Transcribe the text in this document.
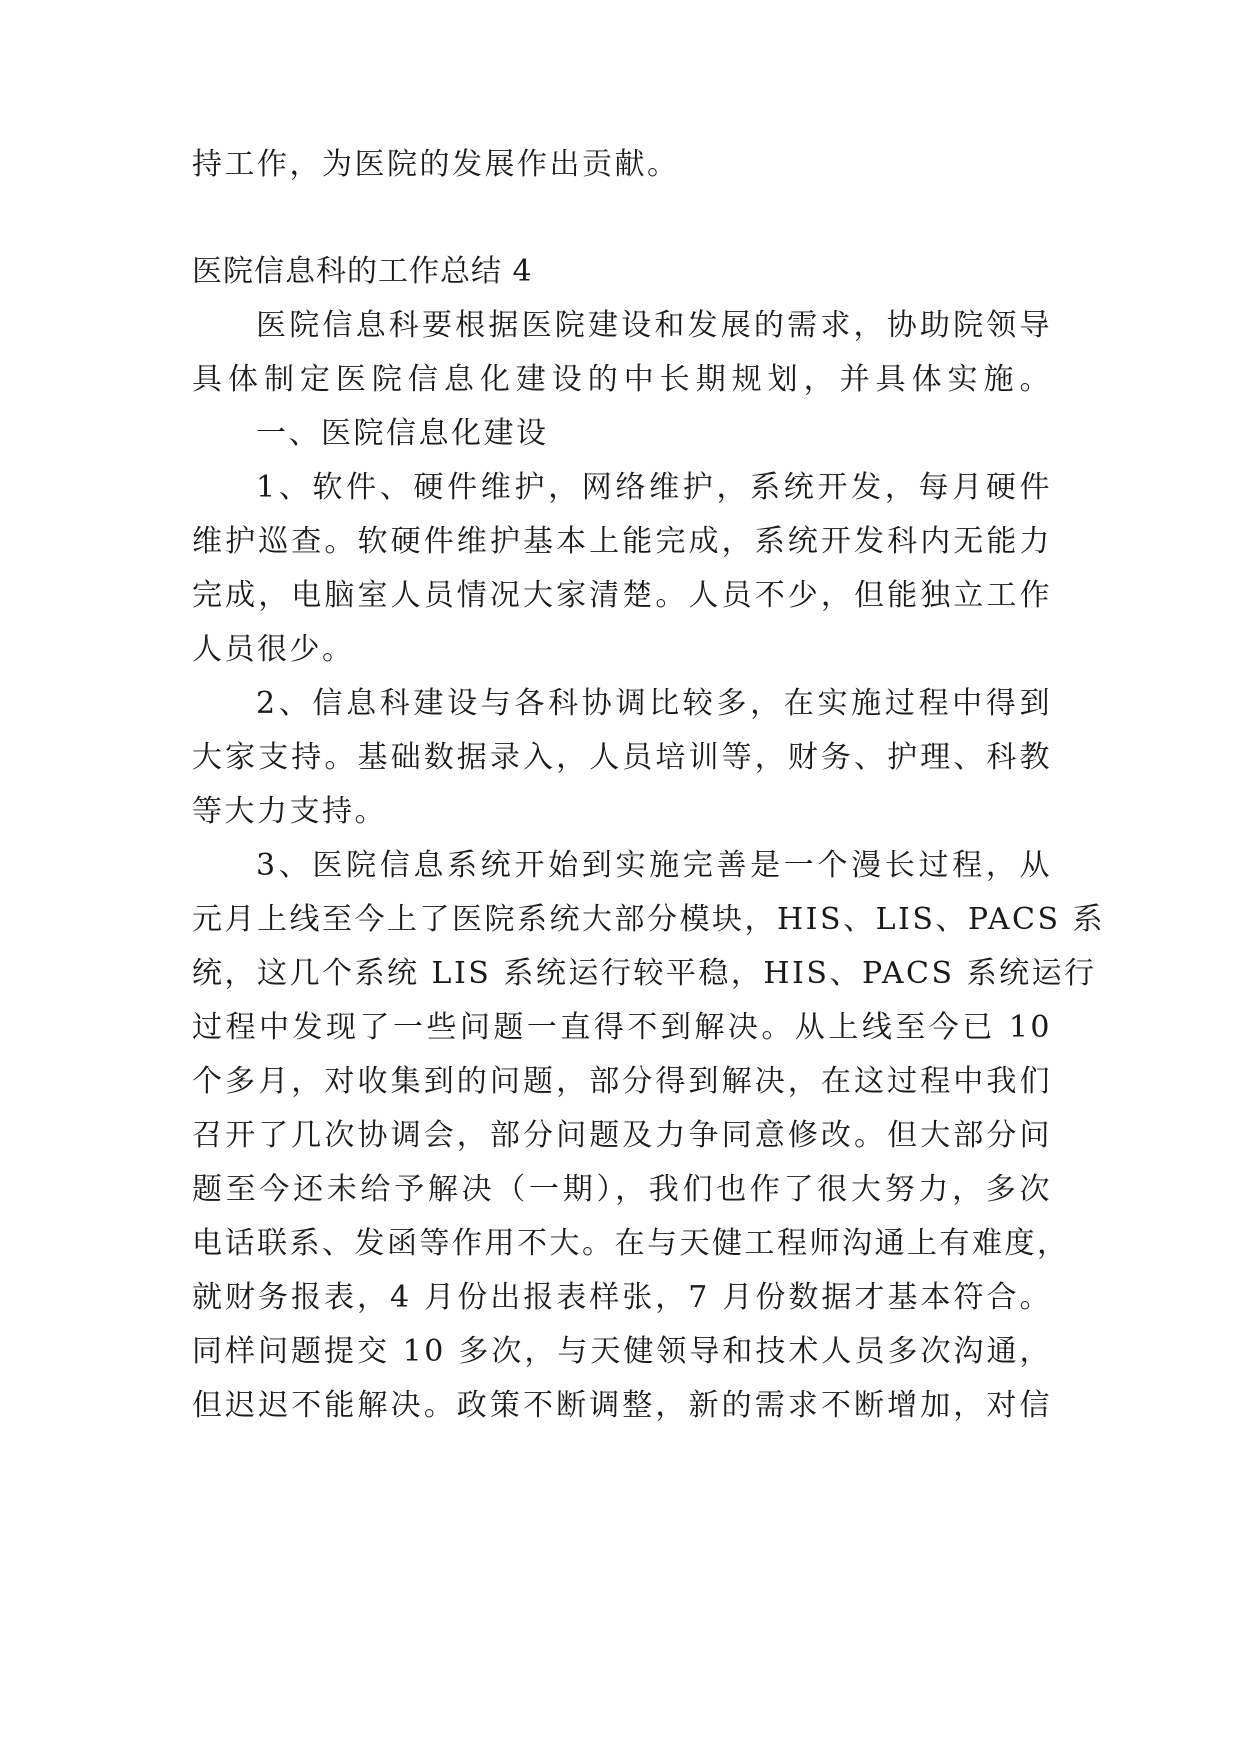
持工作，为医院的发展作出贡献。
医院信息科的工作总结 4
医院信息科要根据医院建设和发展的需求，协助院领导
具体制定医院信息化建设的中长期规划，并具体实施。
一、医院信息化建设
1、软件、硬件维护，网络维护，系统开发，每月硬件
维护巡查。软硬件维护基本上能完成，系统开发科内无能力
完成，电脑室人员情况大家清楚。人员不少，但能独立工作
人员很少。
2、信息科建设与各科协调比较多，在实施过程中得到
大家支持。基础数据录入，人员培训等，财务、护理、科教
等大力支持。
3、医院信息系统开始到实施完善是一个漫长过程，从
元月上线至今上了医院系统大部分模块，HIS、LIS、PACS 系
统，这几个系统 LIS 系统运行较平稳，HIS、PACS 系统运行
过程中发现了一些问题一直得不到解决。从上线至今已 10
个多月，对收集到的问题，部分得到解决，在这过程中我们
召开了几次协调会，部分问题及力争同意修改。但大部分问
题至今还未给予解决（一期），我们也作了很大努力，多次
电话联系、发函等作用不大。在与天健工程师沟通上有难度，
就财务报表，4 月份出报表样张，7 月份数据才基本符合。
同样问题提交 10 多次，与天健领导和技术人员多次沟通，
但迟迟不能解决。政策不断调整，新的需求不断增加，对信
